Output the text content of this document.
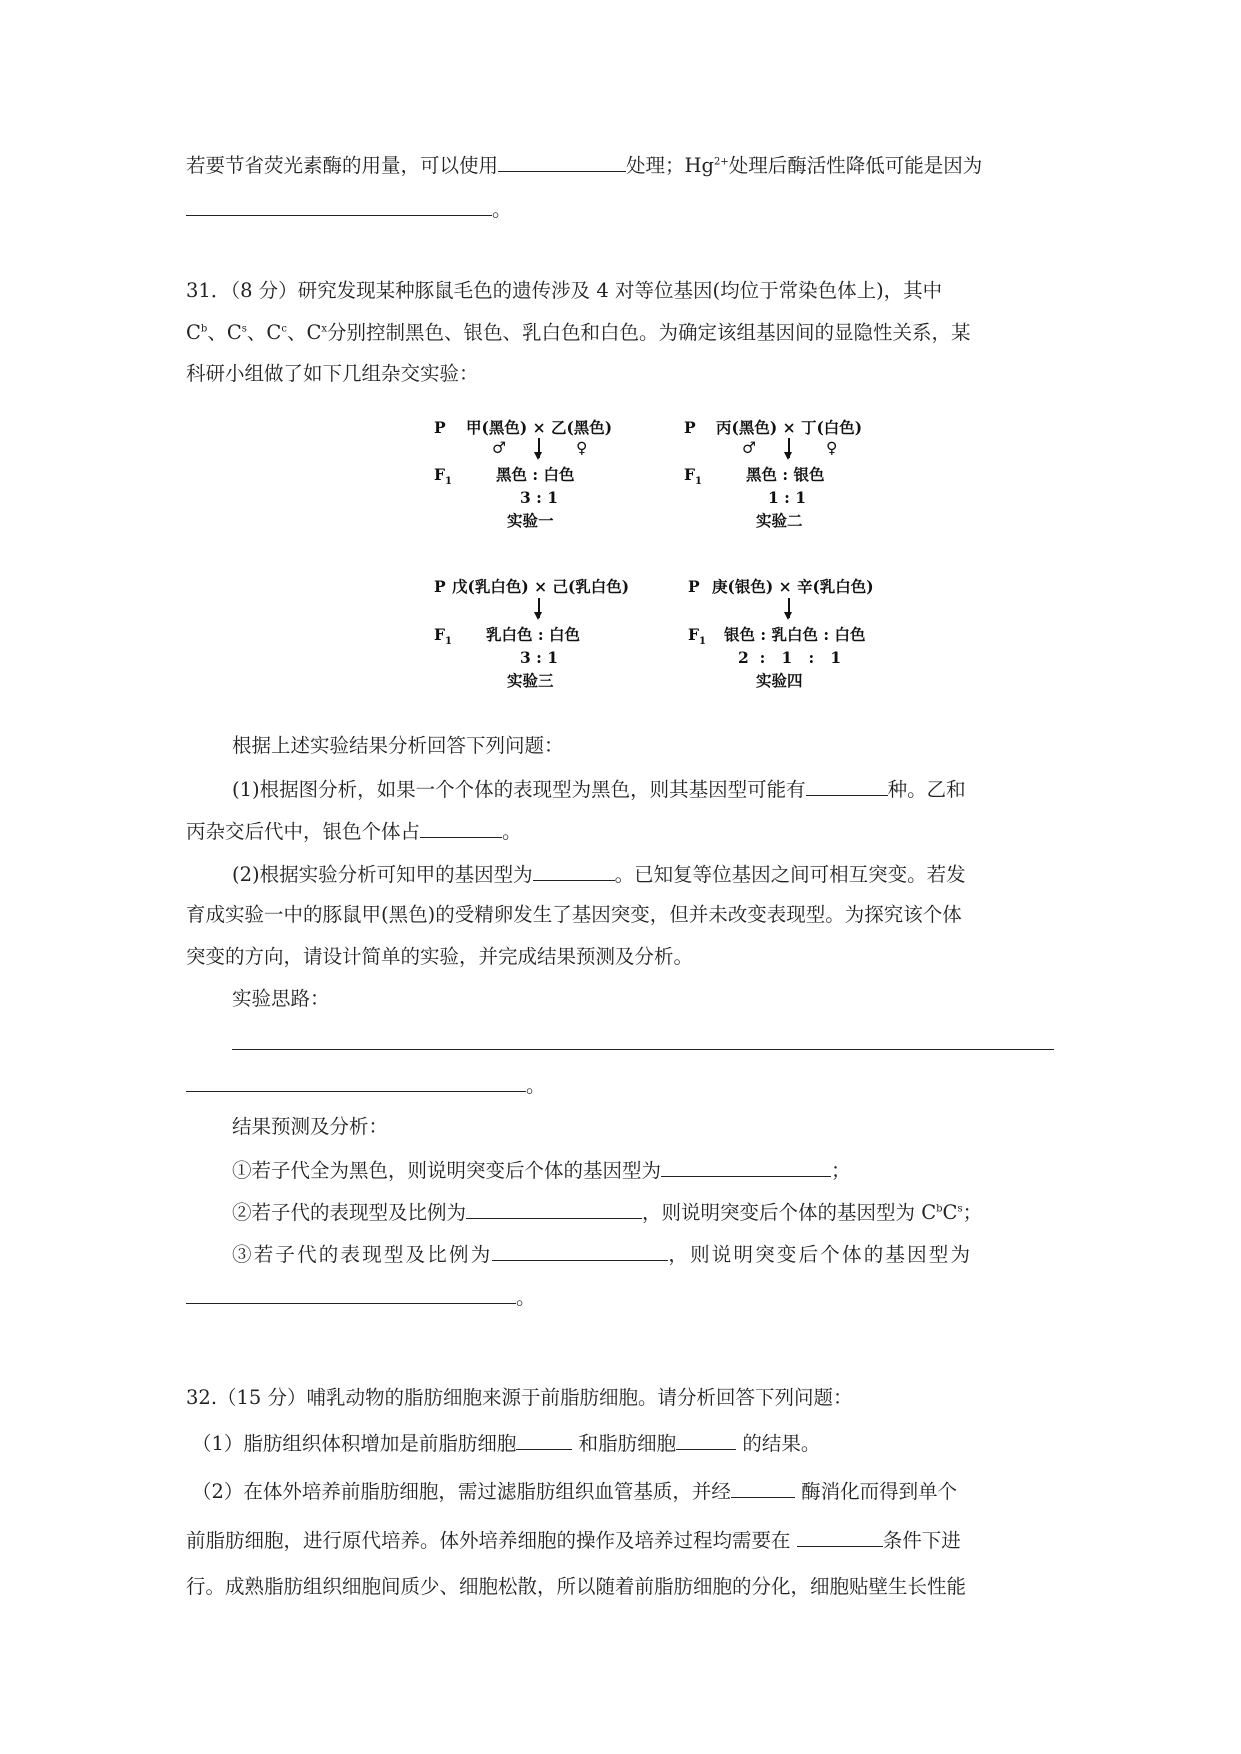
若要节省荧光素酶的用量，可以使用	处理；$Hg^{2+}$处理后酶活性降低可能是因为
。
31．（8 分）研究发现某种豚鼠毛色的遗传涉及 4 对等位基因(均位于常染色体上)，其中
$C^b$、$C^s$、$C^c$、$C^x$分别控制黑色、银色、乳白色和白色。为确定该组基因间的显隐性关系，某
科研小组做了如下几组杂交实验：
P 甲(黑色) × 乙(黑色)
♂	♀
$F_1$	黑色 : 白色
3 : 1
实验一
P 丙(黑色) × 丁(白色)
♂	♀
$F_1$	黑色 : 银色
1 : 1
实验二
P 戊(乳白色) × 己(乳白色)
$F_1$ 乳白色 : 白色
3 : 1
实验三
P 庚(银色) × 辛(乳白色)
$F_1$ 银色 : 乳白色 : 白色
2  :   1   :   1
实验四
根据上述实验结果分析回答下列问题：
(1)根据图分析，如果一个个体的表现型为黑色，则其基因型可能有	种。乙和
丙杂交后代中，银色个体占	。
(2)根据实验分析可知甲的基因型为	。已知复等位基因之间可相互突变。若发
育成实验一中的豚鼠甲(黑色)的受精卵发生了基因突变，但并未改变表现型。为探究该个体
突变的方向，请设计简单的实验，并完成结果预测及分析。
实验思路：
。
结果预测及分析：
①若子代全为黑色，则说明突变后个体的基因型为	；
②若子代的表现型及比例为	，则说明突变后个体的基因型为 $C^bC^s$；
③若子代的表现型及比例为	，则说明突变后个体的基因型为
。
32.（15 分）哺乳动物的脂肪细胞来源于前脂肪细胞。请分析回答下列问题：
（1）脂肪组织体积增加是前脂肪细胞	和脂肪细胞	的结果。
（2）在体外培养前脂肪细胞，需过滤脂肪组织血管基质，并经	酶消化而得到单个
前脂肪细胞，进行原代培养。体外培养细胞的操作及培养过程均需要在	条件下进
行。成熟脂肪组织细胞间质少、细胞松散，所以随着前脂肪细胞的分化，细胞贴壁生长性能
